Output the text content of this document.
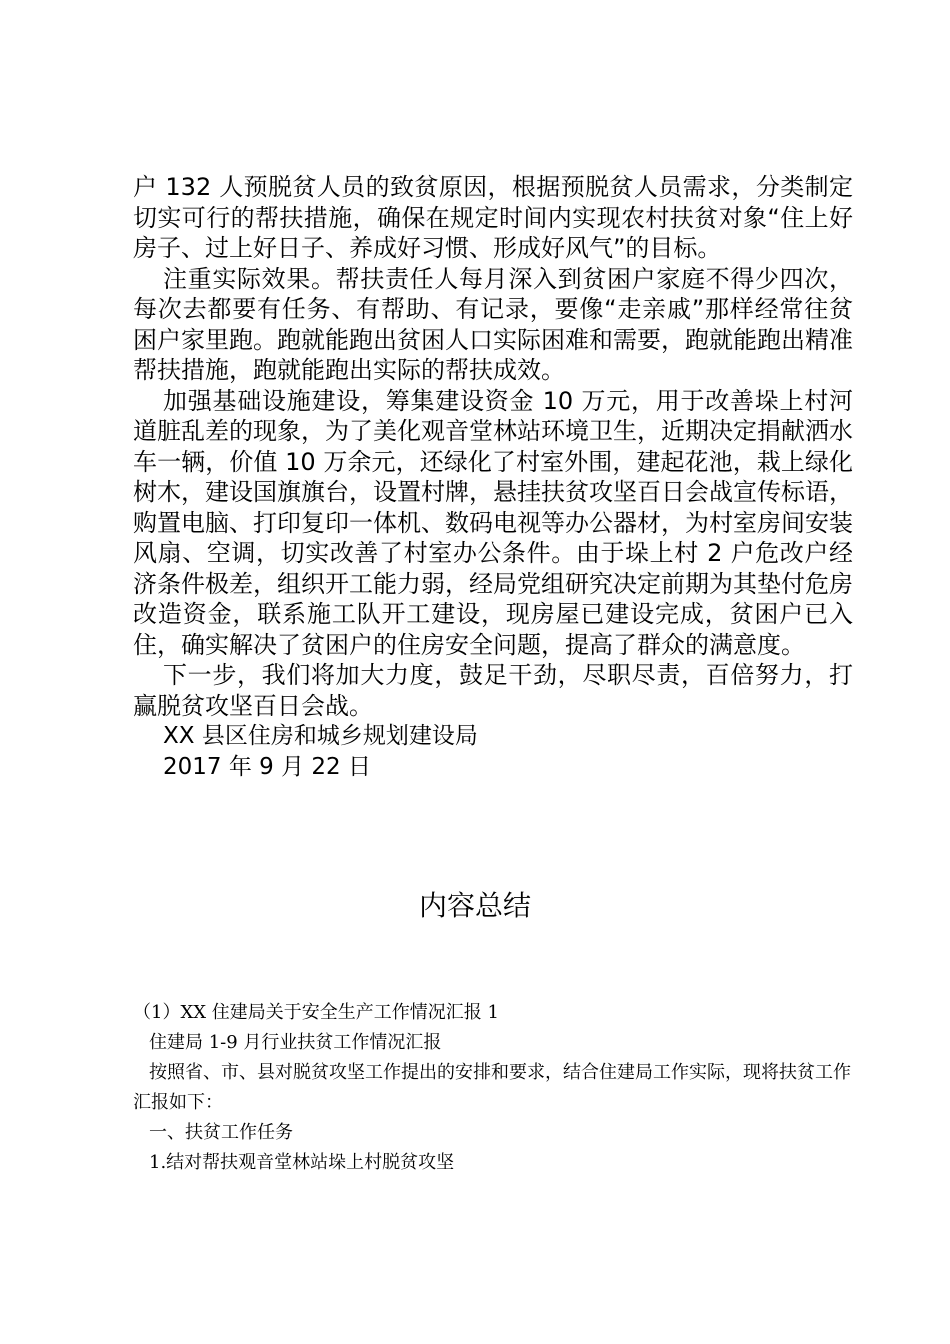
户 132 人预脱贫人员的致贫原因，根据预脱贫人员需求，分类制定切实可行的帮扶措施，确保在规定时间内实现农村扶贫对象“住上好房子、过上好日子、养成好习惯、形成好风气”的目标。

注重实际效果。帮扶责任人每月深入到贫困户家庭不得少四次，每次去都要有任务、有帮助、有记录，要像“走亲戚”那样经常往贫困户家里跑。跑就能跑出贫困人口实际困难和需要，跑就能跑出精准帮扶措施，跑就能跑出实际的帮扶成效。

加强基础设施建设，筹集建设资金 10 万元，用于改善垛上村河道脏乱差的现象，为了美化观音堂林站环境卫生，近期决定捐献洒水车一辆，价值 10 万余元，还绿化了村室外围，建起花池，栽上绿化树木，建设国旗旗台，设置村牌，悬挂扶贫攻坚百日会战宣传标语，购置电脑、打印复印一体机、数码电视等办公器材，为村室房间安装风扇、空调，切实改善了村室办公条件。由于垛上村 2 户危改户经济条件极差，组织开工能力弱，经局党组研究决定前期为其垫付危房改造资金，联系施工队开工建设，现房屋已建设完成，贫困户已入住，确实解决了贫困户的住房安全问题，提高了群众的满意度。

下一步，我们将加大力度，鼓足干劲，尽职尽责，百倍努力，打赢脱贫攻坚百日会战。

XX 县区住房和城乡规划建设局

2017 年 9 月 22 日

内容总结

（1）XX 住建局关于安全生产工作情况汇报 1

住建局 1-9 月行业扶贫工作情况汇报

按照省、市、县对脱贫攻坚工作提出的安排和要求，结合住建局工作实际，现将扶贫工作汇报如下：

一、扶贫工作任务

1.结对帮扶观音堂林站垛上村脱贫攻坚
